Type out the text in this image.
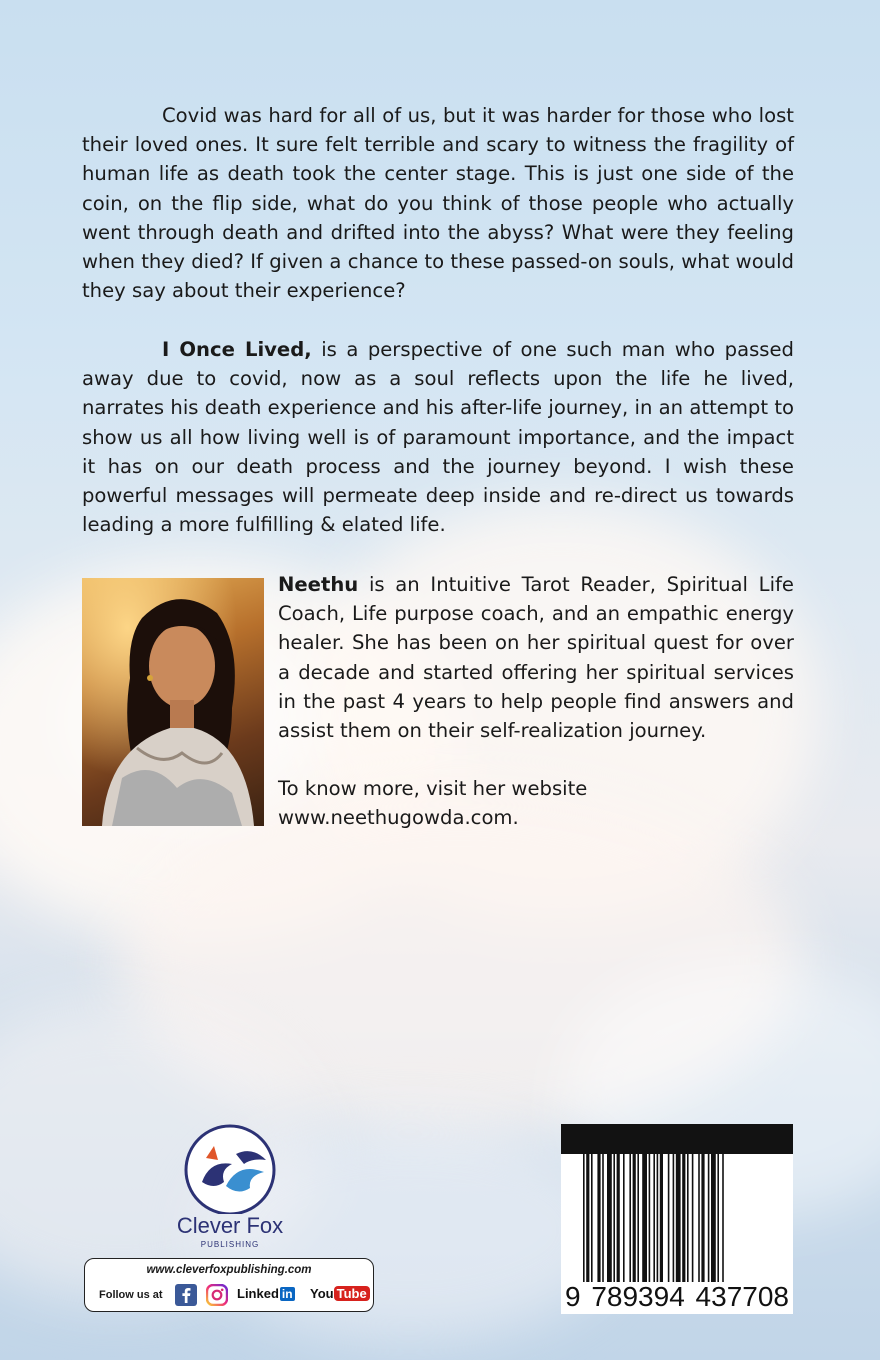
Covid was hard for all of us, but it was harder for those who lost their loved ones. It sure felt terrible and scary to witness the fragility of human life as death took the center stage. This is just one side of the coin, on the flip side, what do you think of those people who actually went through death and drifted into the abyss? What were they feeling when they died? If given a chance to these passed-on souls, what would they say about their experience?

I Once Lived, is a perspective of one such man who passed away due to covid, now as a soul reflects upon the life he lived, narrates his death experience and his after-life journey, in an attempt to show us all how living well is of paramount importance, and the impact it has on our death process and the journey beyond. I wish these powerful messages will permeate deep inside and re-direct us towards leading a more fulfilling & elated life.

Neethu is an Intuitive Tarot Reader, Spiritual Life Coach, Life purpose coach, and an empathic energy healer. She has been on her spiritual quest for over a decade and started offering her spiritual services in the past 4 years to help people find answers and assist them on their self-realization journey.

To know more, visit her website

www.neethugowda.com.

Clever Fox
PUBLISHING
www.cleverfoxpublishing.com
Follow us at	Linked in You Tube	9 789394 437708
